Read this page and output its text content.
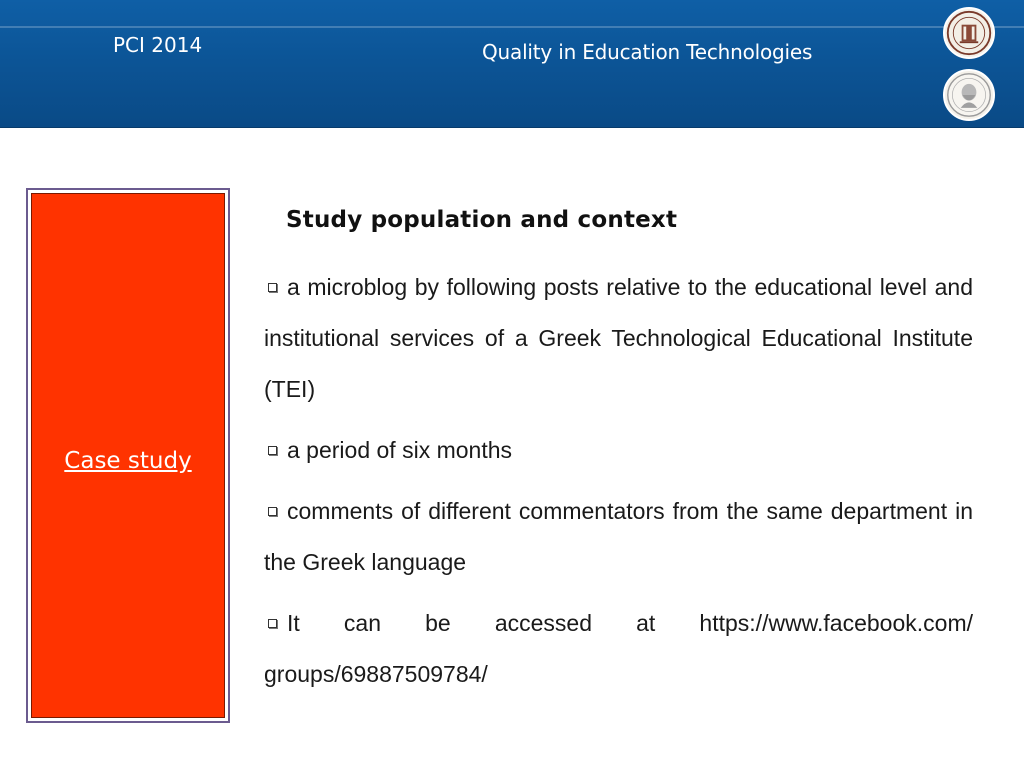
PCI 2014	Quality in Education Technologies
Case study
Study population and context
a microblog by following posts relative to the educational level and institutional services of a Greek Technological Educational Institute (TEI)
a period of six months
comments of different commentators from the same department in the Greek language
It can be accessed at https://www.facebook.com/ groups/69887509784/
